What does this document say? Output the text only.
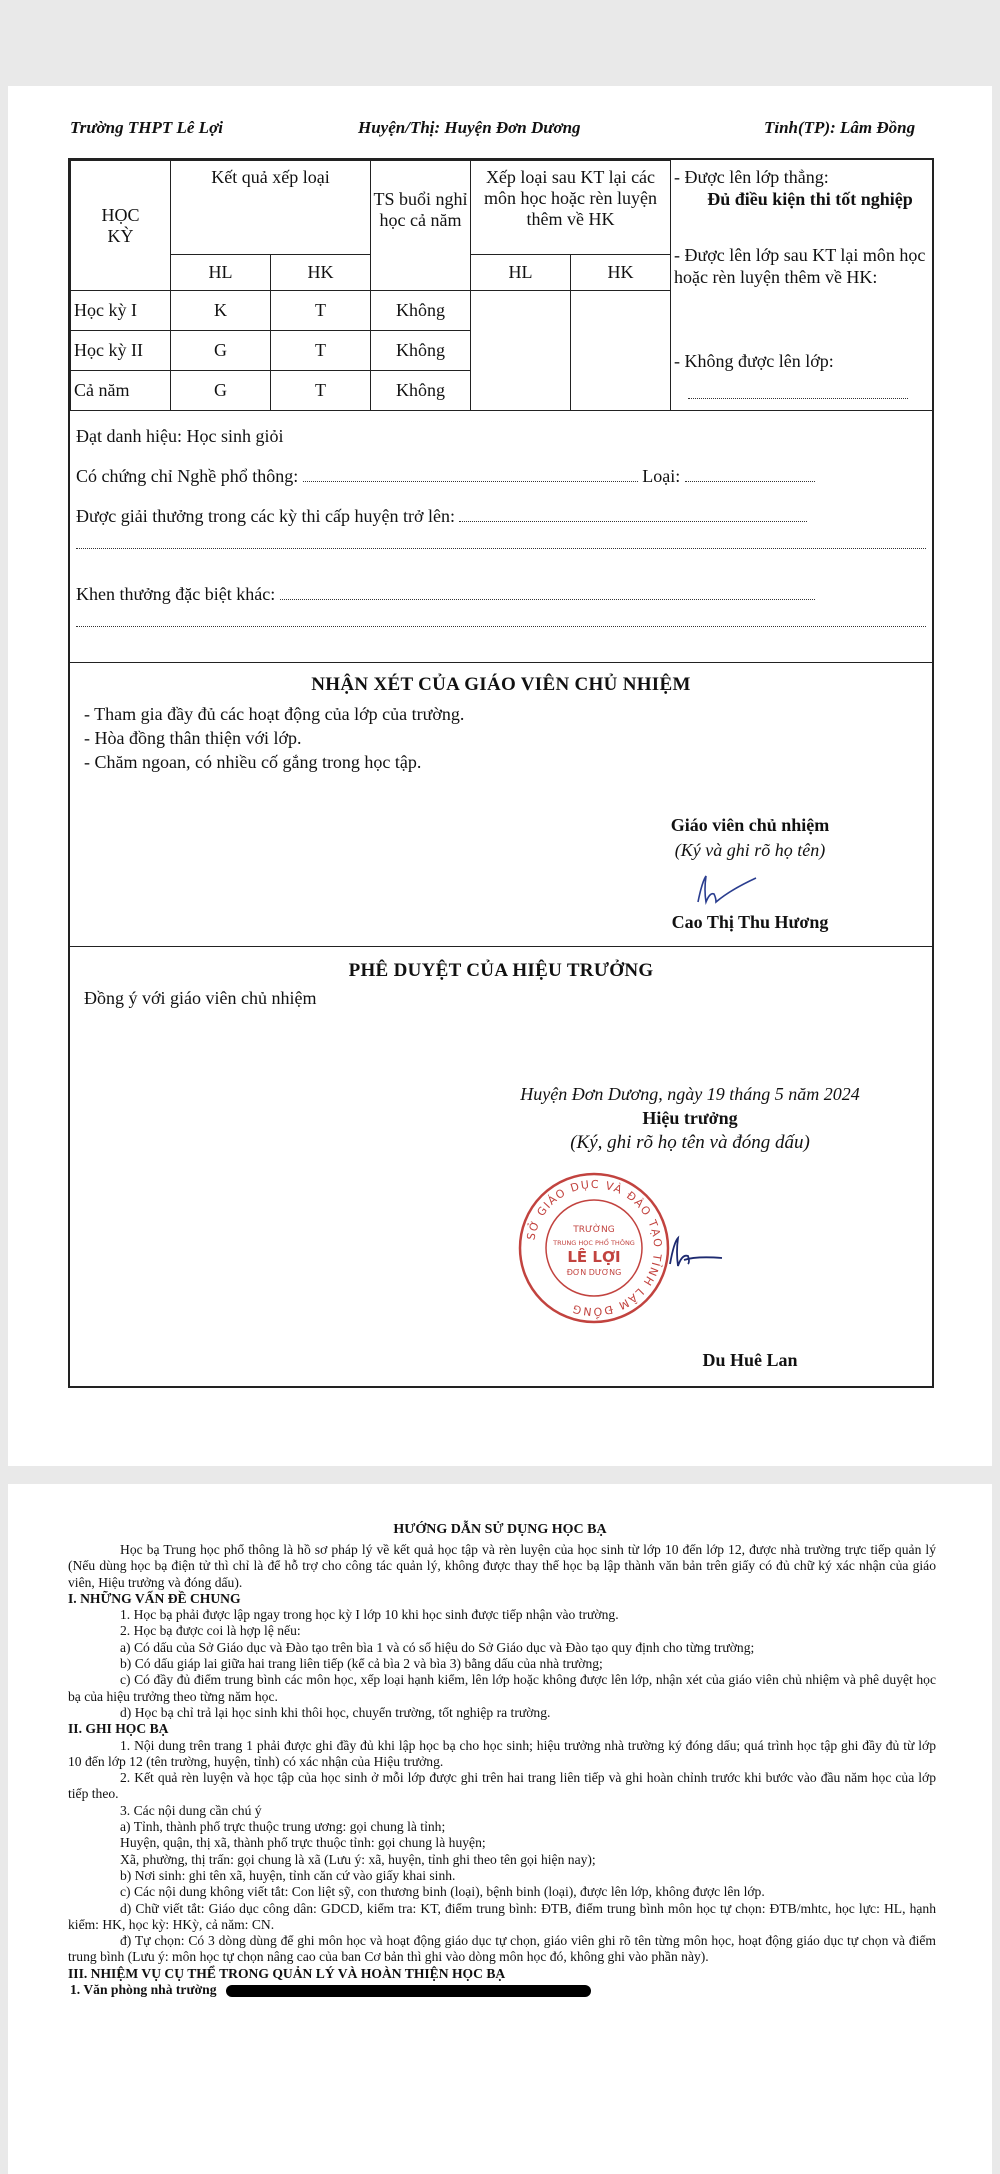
Trường THPT Lê Lợi	Huyện/Thị: Huyện Đơn Dương	Tỉnh(TP): Lâm Đồng
HỌC KỲ	Kết quả xếp loại		TS buổi nghỉ học cả năm	Xếp loại sau KT lại các môn học hoặc rèn luyện thêm về HK		
	HL	HK		HL	HK	
Học kỳ I	K	T	Không			
Học kỳ II	G	T	Không			
Cả năm	G	T	Không			
- Được lên lớp thẳng:
Đủ điều kiện thi tốt nghiệp
- Được lên lớp sau KT lại môn học hoặc rèn luyện thêm về HK:
- Không được lên lớp:
Đạt danh hiệu: Học sinh giỏi
Có chứng chỉ Nghề phổ thông:	Loại:
Được giải thưởng trong các kỳ thi cấp huyện trở lên:
Khen thưởng đặc biệt khác:
NHẬN XÉT CỦA GIÁO VIÊN CHỦ NHIỆM
- Tham gia đầy đủ các hoạt động của lớp của trường.
- Hòa đồng thân thiện với lớp.
- Chăm ngoan, có nhiều cố gắng trong học tập.
Giáo viên chủ nhiệm
(Ký và ghi rõ họ tên)
Cao Thị Thu Hương
PHÊ DUYỆT CỦA HIỆU TRƯỞNG
Đồng ý với giáo viên chủ nhiệm
Huyện Đơn Dương, ngày 19 tháng 5 năm 2024
Hiệu trưởng
(Ký, ghi rõ họ tên và đóng dấu)
SỞ GIÁO DỤC VÀ ĐÀO TẠO TỈNH LÂM ĐỒNG
TRƯỜNG
TRUNG HỌC PHỔ THÔNG
LÊ LỢI
ĐƠN DƯƠNG
Du Huê Lan
HƯỚNG DẪN SỬ DỤNG HỌC BẠ

Học bạ Trung học phổ thông là hồ sơ pháp lý về kết quả học tập và rèn luyện của học sinh từ lớp 10 đến lớp 12, được nhà trường trực tiếp quản lý (Nếu dùng học bạ điện tử thì chỉ là để hỗ trợ cho công tác quản lý, không được thay thế học bạ lập thành văn bản trên giấy có đủ chữ ký xác nhận của giáo viên, Hiệu trưởng và đóng dấu).

I. NHỮNG VẤN ĐỀ CHUNG

1. Học bạ phải được lập ngay trong học kỳ I lớp 10 khi học sinh được tiếp nhận vào trường.

2. Học bạ được coi là hợp lệ nếu:

a) Có dấu của Sở Giáo dục và Đào tạo trên bìa 1 và có số hiệu do Sở Giáo dục và Đào tạo quy định cho từng trường;

b) Có dấu giáp lai giữa hai trang liên tiếp (kể cả bìa 2 và bìa 3) bằng dấu của nhà trường;

c) Có đầy đủ điểm trung bình các môn học, xếp loại hạnh kiểm, lên lớp hoặc không được lên lớp, nhận xét của giáo viên chủ nhiệm và phê duyệt học bạ của hiệu trưởng theo từng năm học.

d) Học bạ chỉ trả lại học sinh khi thôi học, chuyển trường, tốt nghiệp ra trường.

II. GHI HỌC BẠ

1. Nội dung trên trang 1 phải được ghi đầy đủ khi lập học bạ cho học sinh; hiệu trưởng nhà trường ký đóng dấu; quá trình học tập ghi đầy đủ từ lớp 10 đến lớp 12 (tên trường, huyện, tỉnh) có xác nhận của Hiệu trưởng.

2. Kết quả rèn luyện và học tập của học sinh ở mỗi lớp được ghi trên hai trang liên tiếp và ghi hoàn chỉnh trước khi bước vào đầu năm học của lớp tiếp theo.

3. Các nội dung cần chú ý

a) Tỉnh, thành phố trực thuộc trung ương: gọi chung là tỉnh;

Huyện, quận, thị xã, thành phố trực thuộc tỉnh: gọi chung là huyện;

Xã, phường, thị trấn: gọi chung là xã (Lưu ý: xã, huyện, tỉnh ghi theo tên gọi hiện nay);

b) Nơi sinh: ghi tên xã, huyện, tỉnh căn cứ vào giấy khai sinh.

c) Các nội dung không viết tắt: Con liệt sỹ, con thương binh (loại), bệnh binh (loại), được lên lớp, không được lên lớp.

d) Chữ viết tắt: Giáo dục công dân: GDCD, kiểm tra: KT, điểm trung bình: ĐTB, điểm trung bình môn học tự chọn: ĐTB/mhtc, học lực: HL, hạnh kiểm: HK, học kỳ: HKỳ, cả năm: CN.

đ) Tự chọn: Có 3 dòng dùng để ghi môn học và hoạt động giáo dục tự chọn, giáo viên ghi rõ tên từng môn học, hoạt động giáo dục tự chọn và điểm trung bình (Lưu ý: môn học tự chọn nâng cao của ban Cơ bản thì ghi vào dòng môn học đó, không ghi vào phần này).

III. NHIỆM VỤ CỤ THỂ TRONG QUẢN LÝ VÀ HOÀN THIỆN HỌC BẠ

1. Văn phòng nhà trường
